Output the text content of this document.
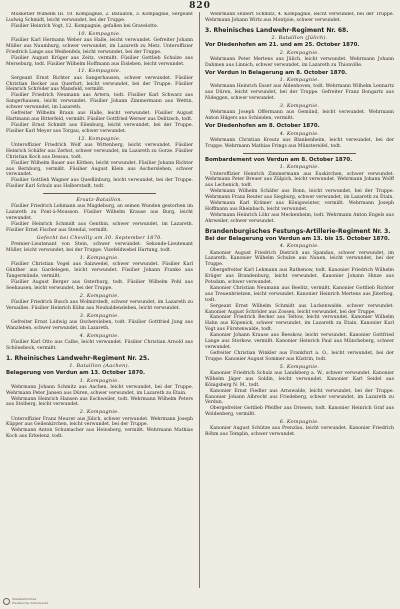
820

Musketier Wilhelm III. 10. Kompagnie, 2. Bataillon, 3. Kompagnie, Sergeant Ludwig Schmidt, leicht verwundet, bei der Truppe.

Füsilier Heinrich Vogt, 12. Kompagnie, gefallen bei Gravelotte.

10. Kompagnie.

Füsilier Karl Hermann Weber aus Halle, leicht verwundet. Gefreiter Johann Müller aus Naumburg, schwer verwundet, im Lazareth zu Metz. Unteroffizier Friedrich Lange aus Weißenfels, leicht verwundet, bei der Truppe.

Füsilier August Krüger aus Zeitz, vermißt. Füsilier Gottlieb Schulze aus Merseburg, todt. Füsilier Wilhelm Hoffmann aus Eisleben, leicht verwundet.

11. Kompagnie.

Sergeant Ernst Richter aus Sangerhausen, schwer verwundet. Füsilier Christian Becker aus Querfurt, leicht verwundet, bei der Truppe. Füsilier Heinrich Schröder aus Mansfeld, vermißt.

Füsilier Friedrich Neumann aus Artern, todt. Füsilier Karl Schwarz aus Sangerhausen, leicht verwundet. Füsilier Johann Zimmermann aus Wettin, schwer verwundet, im Lazareth.

Gefreiter Wilhelm Braun aus Halle, leicht verwundet. Füsilier August Hartmann aus Bitterfeld, vermißt. Füsilier Gottfried Werner aus Delitzsch, todt.

Füsilier Ernst Schmitt aus Eilenburg, leicht verwundet, bei der Truppe. Füsilier Karl Meyer aus Torgau, schwer verwundet.

12. Kompagnie.

Unteroffizier Friedrich Wolf aus Wittenberg, leicht verwundet. Füsilier Heinrich Schäfer aus Zerbst, schwer verwundet, im Lazareth zu Gorze. Füsilier Christian Koch aus Dessau, todt.

Füsilier Wilhelm Bauer aus Köthen, leicht verwundet. Füsilier Johann Richter aus Bernburg, vermißt. Füsilier August Klein aus Aschersleben, schwer verwundet.

Füsilier Gottlieb Wagner aus Quedlinburg, leicht verwundet, bei der Truppe. Füsilier Karl Schulz aus Halberstadt, todt.

Ersatz-Bataillon.

Füsilier Friedrich Lehmann aus Magdeburg, an seinen Wunden gestorben im Lazareth zu Pont-à-Mousson. Füsilier Wilhelm Krause aus Burg, leicht verwundet.

Füsilier Heinrich Schmidt aus Genthin, schwer verwundet, im Lazareth. Füsilier Ernst Fischer aus Stendal, vermißt.

Gefecht bei Chevilly am 30. September 1870.

Premier-Lieutenant von Stein, schwer verwundet. Sekonde-Lieutenant Müller, leicht verwundet, bei der Truppe. Vizefeldwebel Hartung, todt.

1. Kompagnie.

Füsilier Christian Vogel aus Salzwedel, schwer verwundet. Füsilier Karl Günther aus Gardelegen, leicht verwundet. Füsilier Johann Franke aus Tangermünde, vermißt.

Füsilier August Berger aus Osterburg, todt. Füsilier Wilhelm Pohl aus Seehausen, leicht verwundet, bei der Truppe.

2. Kompagnie.

Füsilier Friedrich Busch aus Wolmirstedt, schwer verwundet, im Lazareth zu Versailles. Füsilier Heinrich Kühn aus Neuhaldensleben, leicht verwundet.

3. Kompagnie.

Gefreiter Ernst Ludwig aus Oschersleben, todt. Füsilier Gottfried Jung aus Wanzleben, schwer verwundet, im Lazareth.

4. Kompagnie.

Füsilier Karl Otto aus Calbe, leicht verwundet. Füsilier Christian Arnold aus Schönebeck, vermißt.

1. Rheinisches Landwehr-Regiment Nr. 25.
1. Bataillon (Aachen).
Belagerung von Verdun am 13. October 1870.
1. Kompagnie.

Wehrmann Johann Schmitz aus Aachen, leicht verwundet, bei der Truppe. Wehrmann Peter Jansen aus Düren, schwer verwundet, im Lazareth zu Étain.

Wehrmann Heinrich Hansen aus Eschweiler, todt. Wehrmann Wilhelm Peters aus Stolberg, leicht verwundet.

2. Kompagnie.

Unteroffizier Franz Meurer aus Jülich, schwer verwundet. Wehrmann Joseph Küpper aus Geilenkirchen, leicht verwundet, bei der Truppe.

Wehrmann Anton Schumacher aus Heinsberg, vermißt. Wehrmann Mathias Koch aus Erkelenz, todt.

Wehrmann Hubert Schmitz, 4. Kompagnie, leicht verwundet, bei der Truppe. Wehrmann Johann Wirtz aus Montjoie, schwer verwundet.

3. Rheinisches Landwehr-Regiment Nr. 68.
2. Bataillon (Jülich).
Vor Diedenhofen am 21. und am 25. October 1870.
2. Kompagnie.

Wehrmann Peter Mertens aus Jülich, leicht verwundet. Wehrmann Johann Dahmen aus Linnich, schwer verwundet, im Lazareth zu Thionville.

Vor Verdun in Belagerung am 8. October 1870.
1. Kompagnie.

Wehrmann Heinrich Esser aus Aldenhoven, todt. Wehrmann Wilhelm Lennartz aus Düren, leicht verwundet, bei der Truppe. Gefreiter Franz Bongartz aus Nideggen, schwer verwundet.

3. Kompagnie.

Wehrmann Joseph Offermann aus Gemünd, leicht verwundet. Wehrmann Anton Hilgers aus Schleiden, vermißt.

Vor Diedenhofen am 8. October 1870.
4. Kompagnie.

Wehrmann Christian Kreutz aus Blankenheim, leicht verwundet, bei der Truppe. Wehrmann Mathias Frings aus Münstereifel, todt.

Bombardement von Verdun am 8. October 1870.
1. Kompagnie.

Unteroffizier Heinrich Zimmermann aus Euskirchen, schwer verwundet. Wehrmann Peter Breuer aus Zülpich, leicht verwundet. Wehrmann Johann Wolff aus Lechenich, todt.

Wehrmann Wilhelm Schäfer aus Bonn, leicht verwundet, bei der Truppe. Wehrmann Franz Reuter aus Siegburg, schwer verwundet, im Lazareth zu Étain.

Wehrmann Karl Krämer aus Königswinter, vermißt. Wehrmann Joseph Hoffmann aus Rheinbach, leicht verwundet.

Wehrmann Heinrich Löhr aus Meckenheim, todt. Wehrmann Anton Engels aus Ahrweiler, schwer verwundet.

Brandenburgisches Festungs-Artillerie-Regiment Nr. 3.
Bei der Belagerung von Verdun am 13. bis 15. October 1870.
4. Kompagnie.

Kanonier August Friedrich Dietrich aus Spandau, schwer verwundet, im Lazareth. Kanonier Wilhelm Schulze aus Nauen, leicht verwundet, bei der Truppe.

Obergefreiter Karl Lehmann aus Rathenow, todt. Kanonier Friedrich Wilhelm Krüger aus Brandenburg, leicht verwundet. Kanonier Johann Hinze aus Potsdam, schwer verwundet.

Kanonier Christian Neumann aus Beelitz, vermißt. Kanonier Gottlieb Richter aus Treuenbrietzen, leicht verwundet. Kanonier Heinrich Mertens aus Jüterbog, todt.

Sergeant Ernst Wilhelm Schmidt aus Luckenwalde, schwer verwundet. Kanonier August Schröder aus Zossen, leicht verwundet, bei der Truppe.

Kanonier Friedrich Becker aus Teltow, leicht verwundet. Kanonier Wilhelm Hahn aus Köpenick, schwer verwundet, im Lazareth zu Étain. Kanonier Karl Vogt aus Fürstenwalde, todt.

Kanonier Johann Krause aus Beeskow, leicht verwundet. Kanonier Gottfried Lange aus Storkow, vermißt. Kanonier Heinrich Paul aus Müncheberg, schwer verwundet.

Gefreiter Christian Winkler aus Frankfurt a. O., leicht verwundet, bei der Truppe. Kanonier August Sommer aus Küstrin, todt.

5. Kompagnie.

Kanonier Friedrich Schulz aus Landsberg a. W., schwer verwundet. Kanonier Wilhelm Jäger aus Soldin, leicht verwundet. Kanonier Karl Seidel aus Königsberg N. M., todt.

Kanonier Ernst Fiedler aus Arnswalde, leicht verwundet, bei der Truppe. Kanonier Johann Albrecht aus Friedeberg, schwer verwundet, im Lazareth zu Verdun.

Obergefreiter Gottlieb Pfeiffer aus Driesen, todt. Kanonier Heinrich Graf aus Woldenberg, vermißt.

6. Kompagnie.

Kanonier August Schütze aus Prenzlau, leicht verwundet. Kanonier Friedrich Böhm aus Templin, schwer verwundet.

Staatsbibliothek
Preußischer Kulturbesitz
